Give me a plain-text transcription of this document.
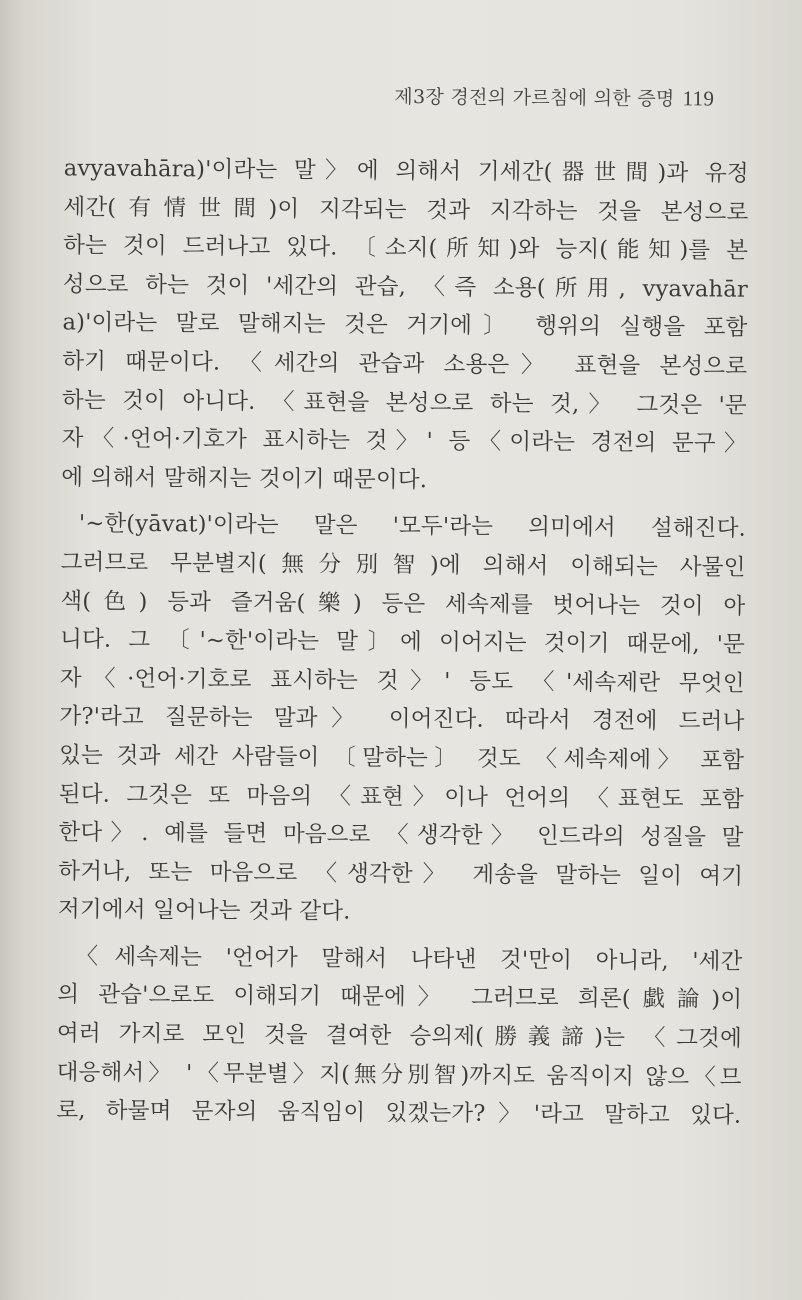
제3장 경전의 가르침에 의한 증명 119
avyavahāra)'이라는 말〉에 의해서 기세간(器世間)과 유정
세간(有情世間)이 지각되는 것과 지각하는 것을 본성으로
하는 것이 드러나고 있다. 〔소지(所知)와 능지(能知)를 본
성으로 하는 것이 '세간의 관습, 〈즉 소용(所用, vyavahār
a)'이라는 말로 말해지는 것은 거기에〕 행위의 실행을 포함
하기 때문이다. 〈세간의 관습과 소용은〉 표현을 본성으로
하는 것이 아니다. 〈표현을 본성으로 하는 것,〉 그것은 '문
자〈·언어·기호가 표시하는 것〉' 등〈이라는 경전의 문구〉
에 의해서 말해지는 것이기 때문이다.
'~한(yāvat)'이라는 말은 '모두'라는 의미에서 설해진다.
그러므로 무분별지(無分別智)에 의해서 이해되는 사물인
색(色) 등과 즐거움(樂) 등은 세속제를 벗어나는 것이 아
니다. 그 〔'~한'이라는 말〕에 이어지는 것이기 때문에, '문
자〈·언어·기호로 표시하는 것〉' 등도 〈'세속제란 무엇인
가?'라고 질문하는 말과〉 이어진다. 따라서 경전에 드러나
있는 것과 세간 사람들이 〔말하는〕 것도 〈세속제에〉 포함
된다. 그것은 또 마음의 〈표현〉이나 언어의 〈표현도 포함
한다〉. 예를 들면 마음으로 〈생각한〉 인드라의 성질을 말
하거나, 또는 마음으로 〈생각한〉 게송을 말하는 일이 여기
저기에서 일어나는 것과 같다.
〈세속제는 '언어가 말해서 나타낸 것'만이 아니라, '세간
의 관습'으로도 이해되기 때문에〉 그러므로 희론(戱論)이
여러 가지로 모인 것을 결여한 승의제(勝義諦)는 〈그것에
대응해서〉 '〈무분별〉지(無分別智)까지도 움직이지 않으〈므
로, 하물며 문자의 움직임이 있겠는가?〉'라고 말하고 있다.
